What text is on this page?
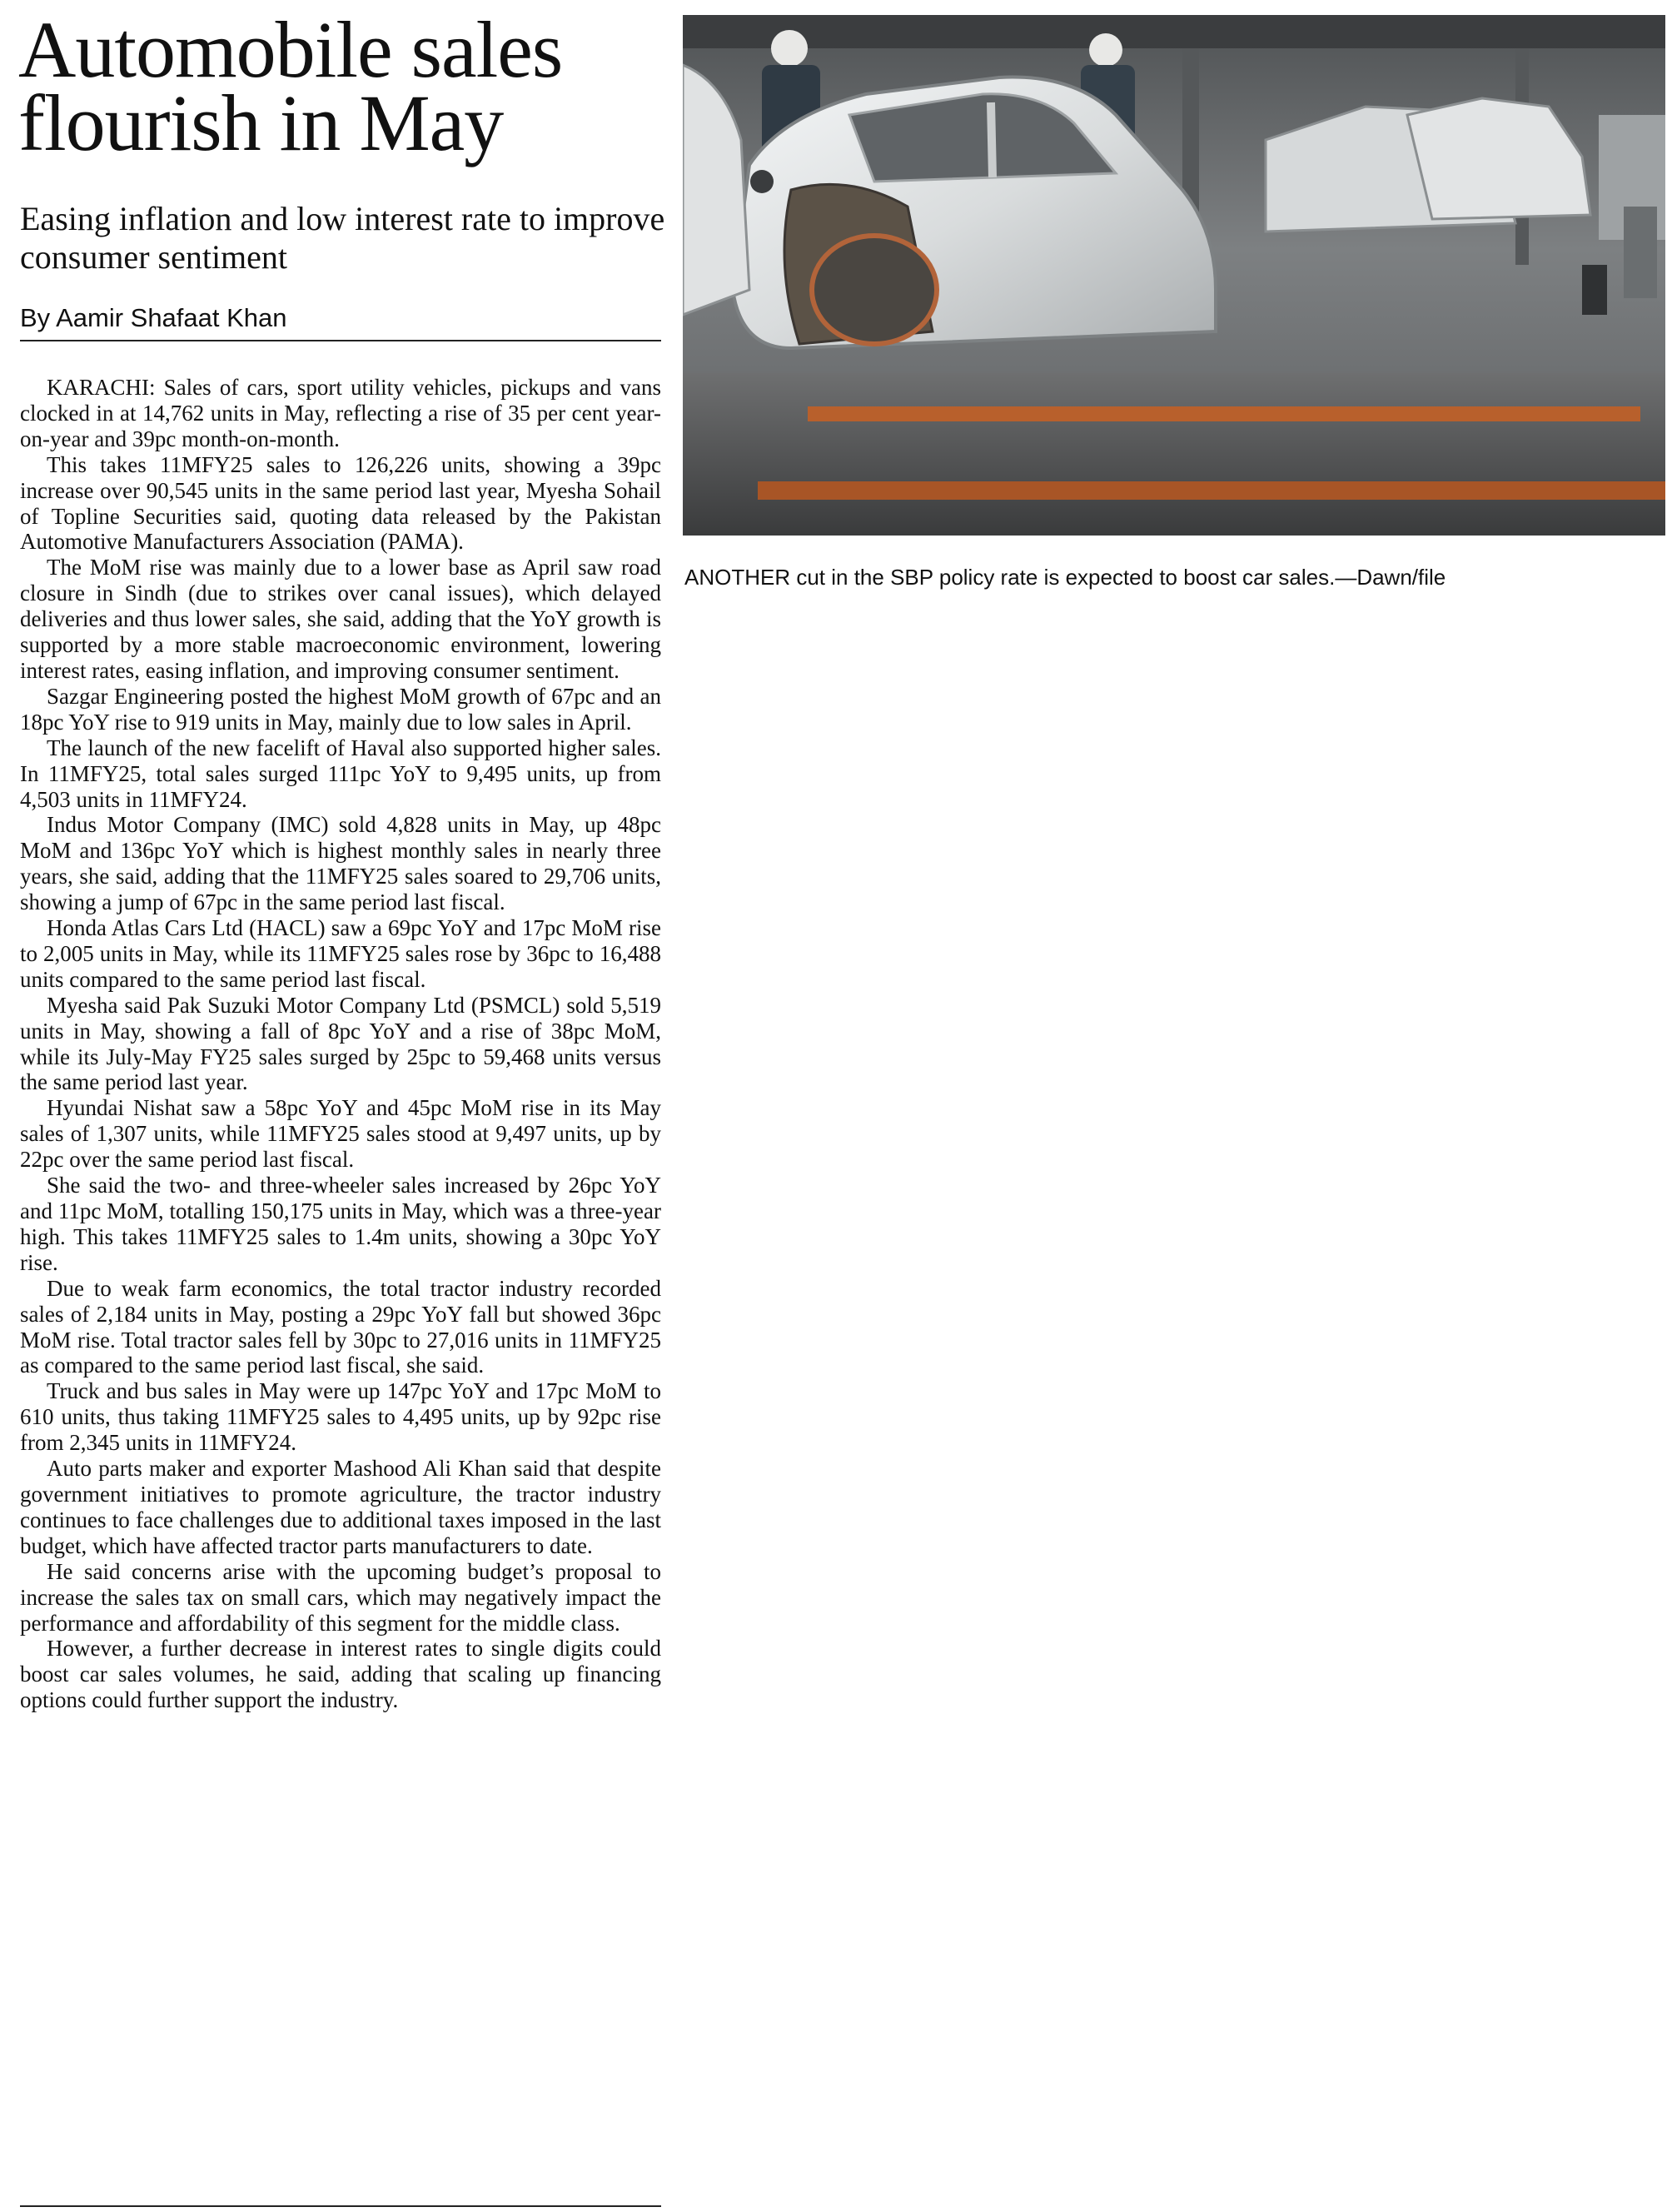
Automobile sales flourish in May
Easing inflation and low interest rate to improve consumer sentiment
By Aamir Shafaat Khan

KARACHI: Sales of cars, sport utility vehicles, pickups and vans clocked in at 14,762 units in May, reflecting a rise of 35 per cent year-on-year and 39pc month-on-month.

This takes 11MFY25 sales to 126,226 units, showing a 39pc increase over 90,545 units in the same period last year, Myesha Sohail of Topline Securities said, quoting data released by the Pakistan Automotive Manufacturers Association (PAMA).

The MoM rise was mainly due to a lower base as April saw road closure in Sindh (due to strikes over canal issues), which delayed deliveries and thus lower sales, she said, adding that the YoY growth is supported by a more stable macroeconomic environment, lowering interest rates, easing inflation, and improving consumer sentiment.

Sazgar Engineering posted the highest MoM growth of 67pc and an 18pc YoY rise to 919 units in May, mainly due to low sales in April.

The launch of the new facelift of Haval also supported higher sales. In 11MFY25, total sales surged 111pc YoY to 9,495 units, up from 4,503 units in 11MFY24.

Indus Motor Company (IMC) sold 4,828 units in May, up 48pc MoM and 136pc YoY which is highest monthly sales in nearly three years, she said, adding that the 11MFY25 sales soared to 29,706 units, showing a jump of 67pc in the same period last fiscal.

Honda Atlas Cars Ltd (HACL) saw a 69pc YoY and 17pc MoM rise to 2,005 units in May, while its 11MFY25 sales rose by 36pc to 16,488 units compared to the same period last fiscal.

Myesha said Pak Suzuki Motor Company Ltd (PSMCL) sold 5,519 units in May, showing a fall of 8pc YoY and a rise of 38pc MoM, while its July-May FY25 sales surged by 25pc to 59,468 units versus the same period last year.

Hyundai Nishat saw a 58pc YoY and 45pc MoM rise in its May sales of 1,307 units, while 11MFY25 sales stood at 9,497 units, up by 22pc over the same period last fiscal.

She said the two- and three-wheeler sales increased by 26pc YoY and 11pc MoM, totalling 150,175 units in May, which was a three-year high. This takes 11MFY25 sales to 1.4m units, showing a 30pc YoY rise.

Due to weak farm economics, the total tractor industry recorded sales of 2,184 units in May, posting a 29pc YoY fall but showed 36pc MoM rise. Total tractor sales fell by 30pc to 27,016 units in 11MFY25 as compared to the same period last fiscal, she said.

Truck and bus sales in May were up 147pc YoY and 17pc MoM to 610 units, thus taking 11MFY25 sales to 4,495 units, up by 92pc rise from 2,345 units in 11MFY24.

Auto parts maker and exporter Mashood Ali Khan said that despite government initiatives to promote agriculture, the tractor industry continues to face challenges due to additional taxes imposed in the last budget, which have affected tractor parts manufacturers to date.

He said concerns arise with the upcoming budget’s proposal to increase the sales tax on small cars, which may negatively impact the performance and affordability of this segment for the middle class.

However, a further decrease in interest rates to single digits could boost car sales volumes, he said, adding that scaling up financing options could further support the industry.

ANOTHER cut in the SBP policy rate is expected to boost car sales.—Dawn/file
